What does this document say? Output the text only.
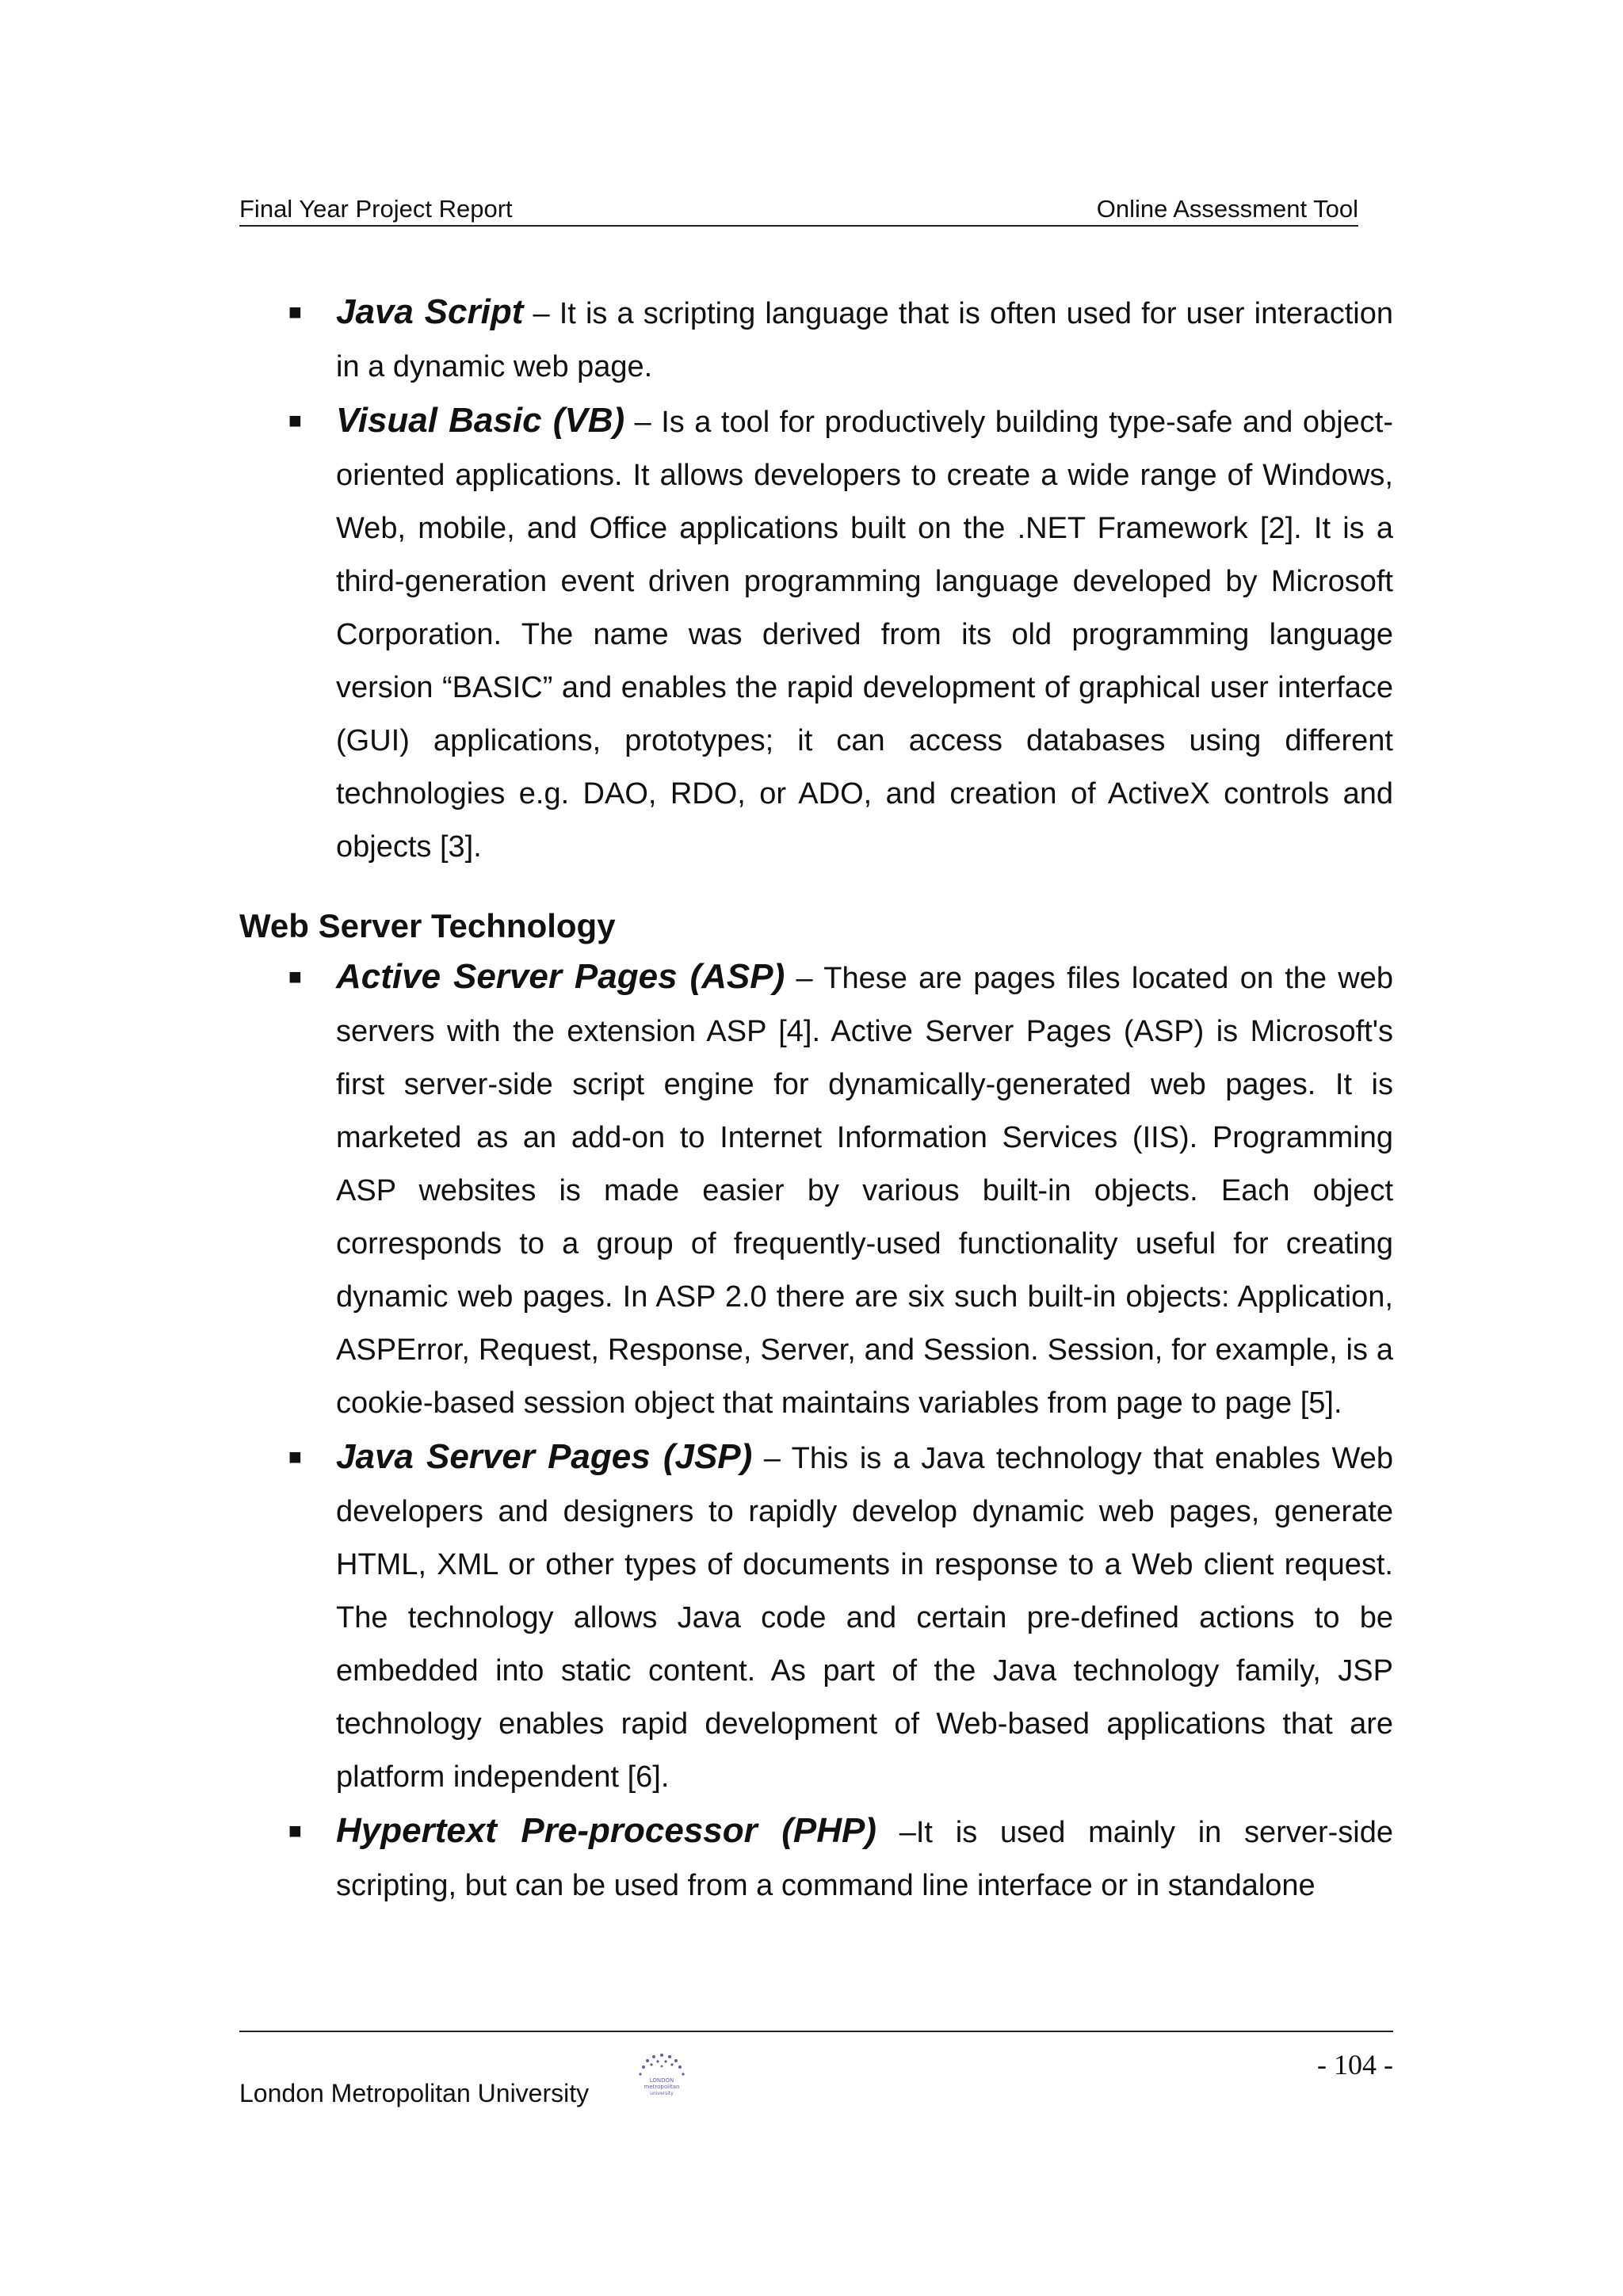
Final Year Project Report	Online Assessment Tool
■ Java Script – It is a scripting language that is often used for user interaction in a dynamic web page.
■ Visual Basic (VB) – Is a tool for productively building type-safe and object-oriented applications. It allows developers to create a wide range of Windows, Web, mobile, and Office applications built on the .NET Framework [2]. It is a third-generation event driven programming language developed by Microsoft Corporation. The name was derived from its old programming language version “BASIC” and enables the rapid development of graphical user interface (GUI) applications, prototypes; it can access databases using different technologies e.g. DAO, RDO, or ADO, and creation of ActiveX controls and objects [3].
Web Server Technology
■ Active Server Pages (ASP) – These are pages files located on the web servers with the extension ASP [4]. Active Server Pages (ASP) is Microsoft's first server-side script engine for dynamically-generated web pages. It is marketed as an add-on to Internet Information Services (IIS). Programming ASP websites is made easier by various built-in objects. Each object corresponds to a group of frequently-used functionality useful for creating dynamic web pages. In ASP 2.0 there are six such built-in objects: Application, ASPError, Request, Response, Server, and Session. Session, for example, is a cookie-based session object that maintains variables from page to page [5].
■ Java Server Pages (JSP) – This is a Java technology that enables Web developers and designers to rapidly develop dynamic web pages, generate HTML, XML or other types of documents in response to a Web client request. The technology allows Java code and certain pre-defined actions to be embedded into static content. As part of the Java technology family, JSP technology enables rapid development of Web-based applications that are platform independent [6].
■ Hypertext Pre-processor (PHP) –It is used mainly in server-side scripting, but can be used from a command line interface or in standalone
London Metropolitan University	LONDON
metropolitan
university
- 104 -
